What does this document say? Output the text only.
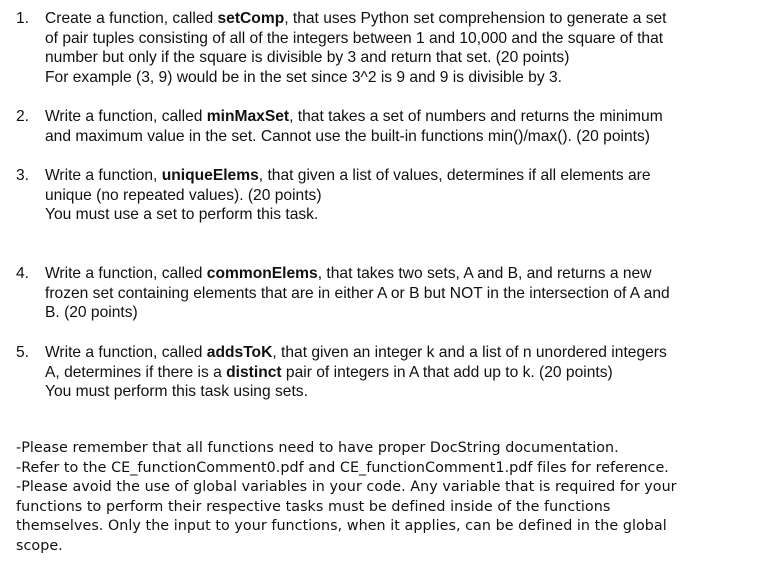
1.	Create a function, called setComp, that uses Python set comprehension to generate a set
of pair tuples consisting of all of the integers between 1 and 10,000 and the square of that
number but only if the square is divisible by 3 and return that set. (20 points)
For example (3, 9) would be in the set since 3^2 is 9 and 9 is divisible by 3.
2.	Write a function, called minMaxSet, that takes a set of numbers and returns the minimum
and maximum value in the set. Cannot use the built-in functions min()/max(). (20 points)
3.	Write a function, uniqueElems, that given a list of values, determines if all elements are
unique (no repeated values). (20 points)
You must use a set to perform this task.
4.	Write a function, called commonElems, that takes two sets, A and B, and returns a new
frozen set containing elements that are in either A or B but NOT in the intersection of A and
B. (20 points)
5.	Write a function, called addsToK, that given an integer k and a list of n unordered integers
A, determines if there is a distinct pair of integers in A that add up to k. (20 points)
You must perform this task using sets.
-Please remember that all functions need to have proper DocString documentation.
-Refer to the CE_functionComment0.pdf and CE_functionComment1.pdf files for reference.
-Please avoid the use of global variables in your code. Any variable that is required for your
functions to perform their respective tasks must be defined inside of the functions
themselves. Only the input to your functions, when it applies, can be defined in the global
scope.
